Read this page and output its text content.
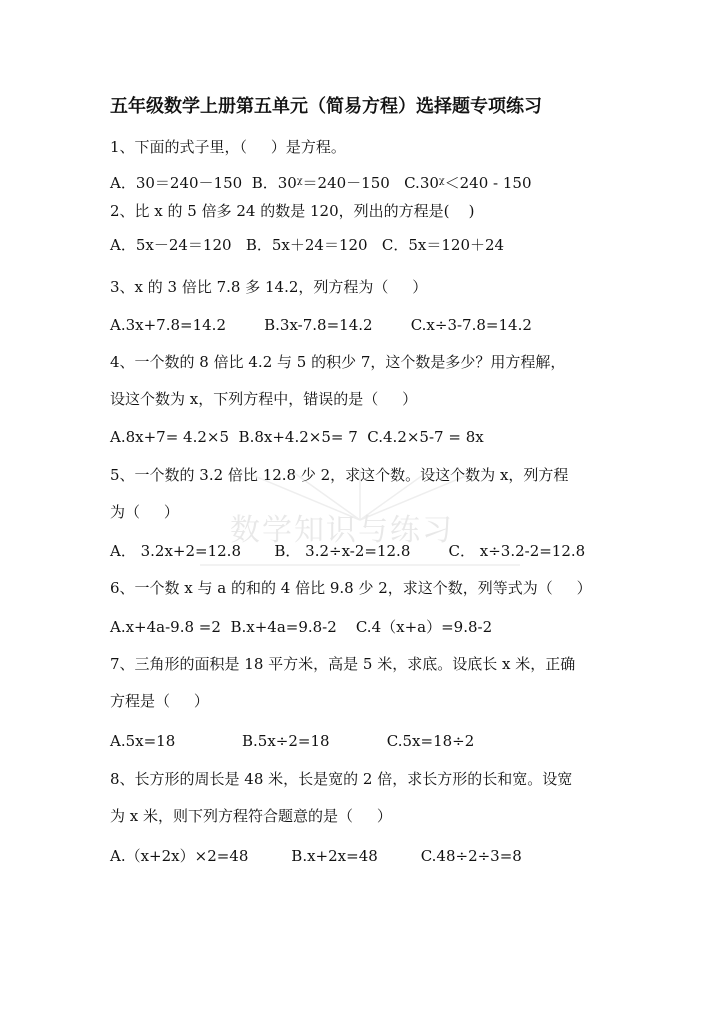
数学知识与练习
五年级数学上册第五单元（简易方程）选择题专项练习
1、下面的式子里，（     ）是方程。
A．30＝240－150  B．30ᵡ＝240－150   C.30ᵡ＜240 - 150
2、比 x 的 5 倍多 24 的数是 120，列出的方程是(    )
A．5x－24＝120   B．5x＋24＝120   C．5x＝120＋24
3、x 的 3 倍比 7.8 多 14.2，列方程为（     ）
A.3x+7.8=14.2        B.3x-7.8=14.2        C.x÷3-7.8=14.2
4、一个数的 8 倍比 4.2 与 5 的积少 7，这个数是多少？用方程解，
设这个数为 x，下列方程中，错误的是（     ）
A.8x+7= 4.2×5  B.8x+4.2×5= 7  C.4.2×5-7 = 8x
5、一个数的 3.2 倍比 12.8 少 2，求这个数。设这个数为 x，列方程
为（     ）
A． 3.2x+2=12.8       B． 3.2÷x-2=12.8        C． x÷3.2-2=12.8
6、一个数 x 与 a 的和的 4 倍比 9.8 少 2，求这个数，列等式为（     ）
A.x+4a-9.8 =2  B.x+4a=9.8-2    C.4（x+a）=9.8-2
7、三角形的面积是 18 平方米，高是 5 米，求底。设底长 x 米，正确
方程是（     ）
A.5x=18              B.5x÷2=18            C.5x=18÷2
8、长方形的周长是 48 米，长是宽的 2 倍，求长方形的长和宽。设宽
为 x 米，则下列方程符合题意的是（     ）
A.（x+2x）×2=48         B.x+2x=48         C.48÷2÷3=8
